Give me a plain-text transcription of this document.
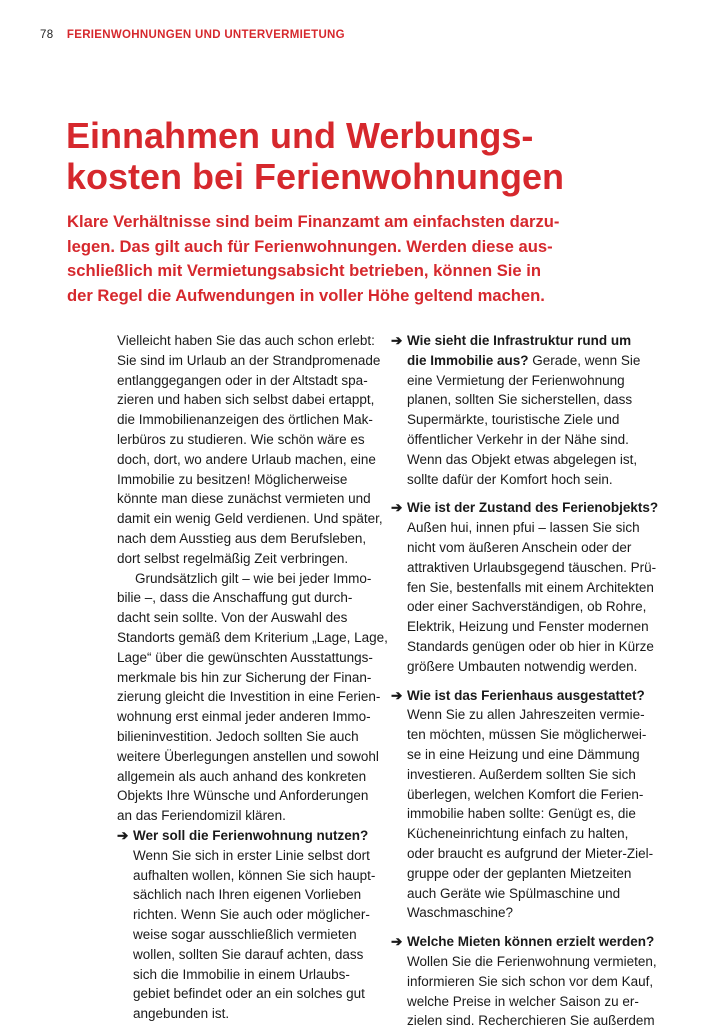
78 FERIENWOHNUNGEN UND UNTERVERMIETUNG
Einnahmen und Werbungs-
kosten bei Ferienwohnungen
Klare Verhältnisse sind beim Finanzamt am einfachsten darzu-
legen. Das gilt auch für Ferienwohnungen. Werden diese aus-
schließlich mit Vermietungsabsicht betrieben, können Sie in
der Regel die Aufwendungen in voller Höhe geltend machen.
Vielleicht haben Sie das auch schon erlebt:
Sie sind im Urlaub an der Strandpromenade
entlanggegangen oder in der Altstadt spa-
zieren und haben sich selbst dabei ertappt,
die Immobilienanzeigen des örtlichen Mak-
lerbüros zu studieren. Wie schön wäre es
doch, dort, wo andere Urlaub machen, eine
Immobilie zu besitzen! Möglicherweise
könnte man diese zunächst vermieten und
damit ein wenig Geld verdienen. Und später,
nach dem Ausstieg aus dem Berufsleben,
dort selbst regelmäßig Zeit verbringen.
Grundsätzlich gilt – wie bei jeder Immo-
bilie –, dass die Anschaffung gut durch-
dacht sein sollte. Von der Auswahl des
Standorts gemäß dem Kriterium „Lage, Lage,
Lage“ über die gewünschten Ausstattungs-
merkmale bis hin zur Sicherung der Finan-
zierung gleicht die Investition in eine Ferien-
wohnung erst einmal jeder anderen Immo-
bilieninvestition. Jedoch sollten Sie auch
weitere Überlegungen anstellen und sowohl
allgemein als auch anhand des konkreten
Objekts Ihre Wünsche und Anforderungen
an das Feriendomizil klären.
➔ Wer soll die Ferienwohnung nutzen?
Wenn Sie sich in erster Linie selbst dort
aufhalten wollen, können Sie sich haupt-
sächlich nach Ihren eigenen Vorlieben
richten. Wenn Sie auch oder möglicher-
weise sogar ausschließlich vermieten
wollen, sollten Sie darauf achten, dass
sich die Immobilie in einem Urlaubs-
gebiet befindet oder an ein solches gut
angebunden ist.
➔ Wie sieht die Infrastruktur rund um
die Immobilie aus? Gerade, wenn Sie
eine Vermietung der Ferienwohnung
planen, sollten Sie sicherstellen, dass
Supermärkte, touristische Ziele und
öffentlicher Verkehr in der Nähe sind.
Wenn das Objekt etwas abgelegen ist,
sollte dafür der Komfort hoch sein.
➔ Wie ist der Zustand des Ferienobjekts?
Außen hui, innen pfui – lassen Sie sich
nicht vom äußeren Anschein oder der
attraktiven Urlaubsgegend täuschen. Prü-
fen Sie, bestenfalls mit einem Architekten
oder einer Sachverständigen, ob Rohre,
Elektrik, Heizung und Fenster modernen
Standards genügen oder ob hier in Kürze
größere Umbauten notwendig werden.
➔ Wie ist das Ferienhaus ausgestattet?
Wenn Sie zu allen Jahreszeiten vermie-
ten möchten, müssen Sie möglicherwei-
se in eine Heizung und eine Dämmung
investieren. Außerdem sollten Sie sich
überlegen, welchen Komfort die Ferien-
immobilie haben sollte: Genügt es, die
Kücheneinrichtung einfach zu halten,
oder braucht es aufgrund der Mieter-Ziel-
gruppe oder der geplanten Mietzeiten
auch Geräte wie Spülmaschine und
Waschmaschine?
➔ Welche Mieten können erzielt werden?
Wollen Sie die Ferienwohnung vermieten,
informieren Sie sich schon vor dem Kauf,
welche Preise in welcher Saison zu er-
zielen sind. Recherchieren Sie außerdem
